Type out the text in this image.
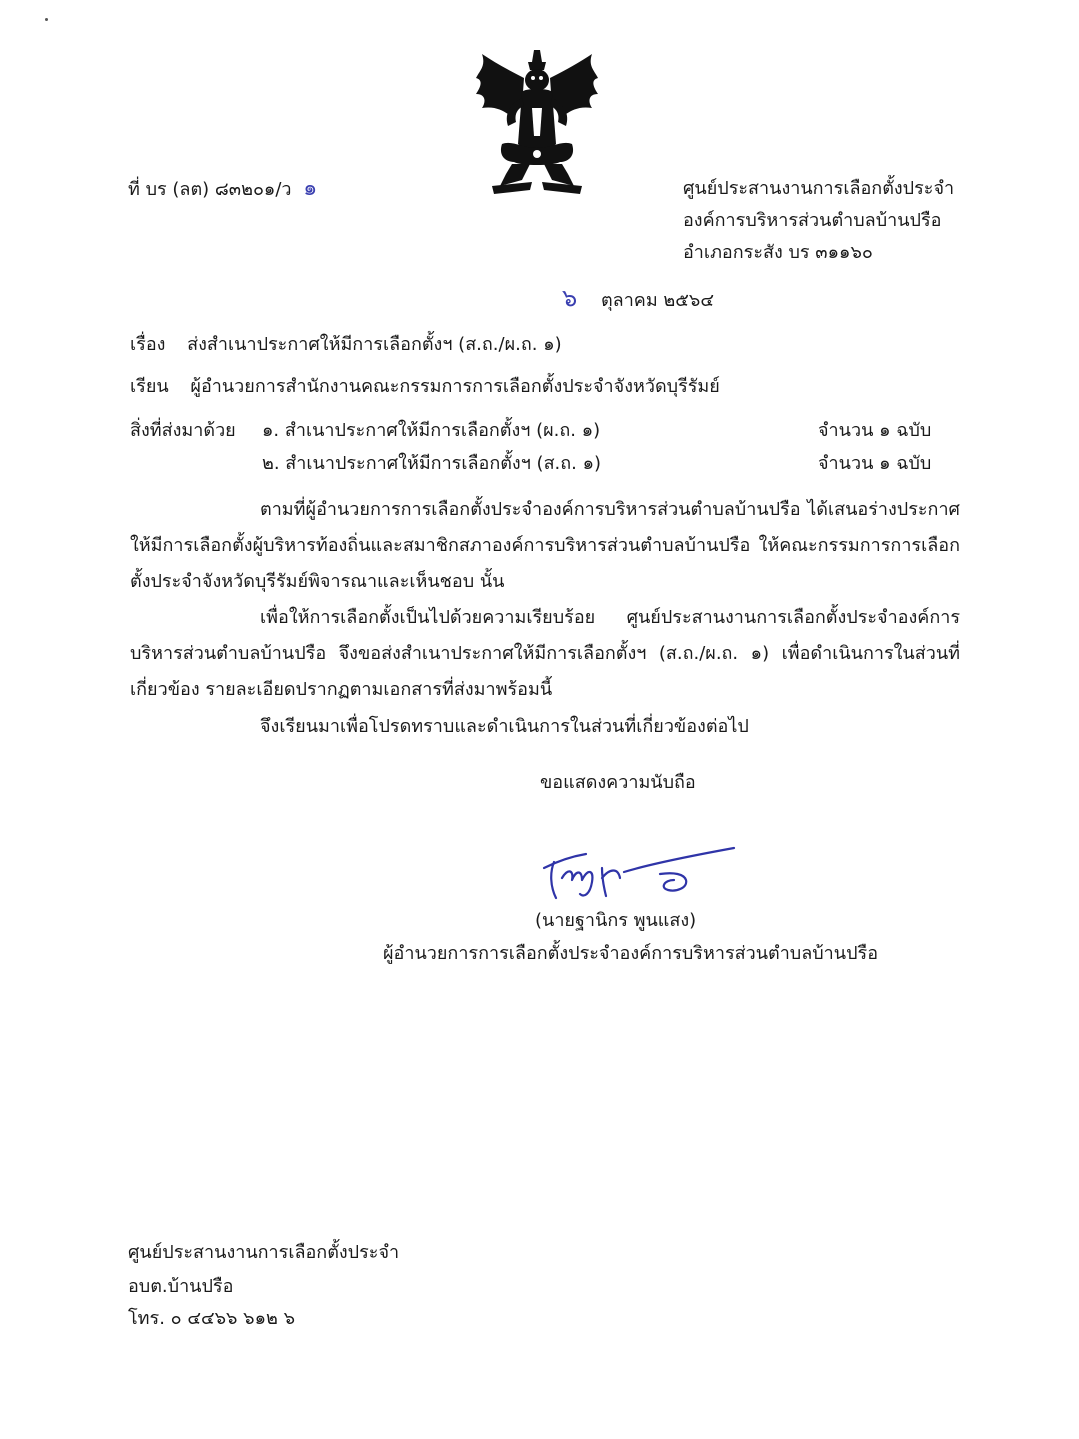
ที่ บร (ลต) ๘๓๒๐๑/ว ๑	ศูนย์ประสานงานการเลือกตั้งประจำ
องค์การบริหารส่วนตำบลบ้านปรือ
อำเภอกระสัง บร ๓๑๑๖๐
๖ ตุลาคม ๒๕๖๔
เรื่อง ส่งสำเนาประกาศให้มีการเลือกตั้งฯ (ส.ถ./ผ.ถ. ๑)
เรียน ผู้อำนวยการสำนักงานคณะกรรมการการเลือกตั้งประจำจังหวัดบุรีรัมย์
สิ่งที่ส่งมาด้วย ๑. สำเนาประกาศให้มีการเลือกตั้งฯ (ผ.ถ. ๑)	จำนวน ๑ ฉบับ
๒. สำเนาประกาศให้มีการเลือกตั้งฯ (ส.ถ. ๑)	จำนวน ๑ ฉบับ
ตามที่ผู้อำนวยการการเลือกตั้งประจำองค์การบริหารส่วนตำบลบ้านปรือ ได้เสนอร่างประกาศให้มีการเลือกตั้งผู้บริหารท้องถิ่นและสมาชิกสภาองค์การบริหารส่วนตำบลบ้านปรือ ให้คณะกรรมการการเลือกตั้งประจำจังหวัดบุรีรัมย์พิจารณาและเห็นชอบ นั้น
เพื่อให้การเลือกตั้งเป็นไปด้วยความเรียบร้อย ศูนย์ประสานงานการเลือกตั้งประจำองค์การบริหารส่วนตำบลบ้านปรือ จึงขอส่งสำเนาประกาศให้มีการเลือกตั้งฯ (ส.ถ./ผ.ถ. ๑) เพื่อดำเนินการในส่วนที่เกี่ยวข้อง รายละเอียดปรากฏตามเอกสารที่ส่งมาพร้อมนี้
จึงเรียนมาเพื่อโปรดทราบและดำเนินการในส่วนที่เกี่ยวข้องต่อไป
ขอแสดงความนับถือ
(นายฐานิกร พูนแสง)
ผู้อำนวยการการเลือกตั้งประจำองค์การบริหารส่วนตำบลบ้านปรือ
ศูนย์ประสานงานการเลือกตั้งประจำ
อบต.บ้านปรือ
โทร. ๐ ๔๔๖๖ ๖๑๒ ๖
